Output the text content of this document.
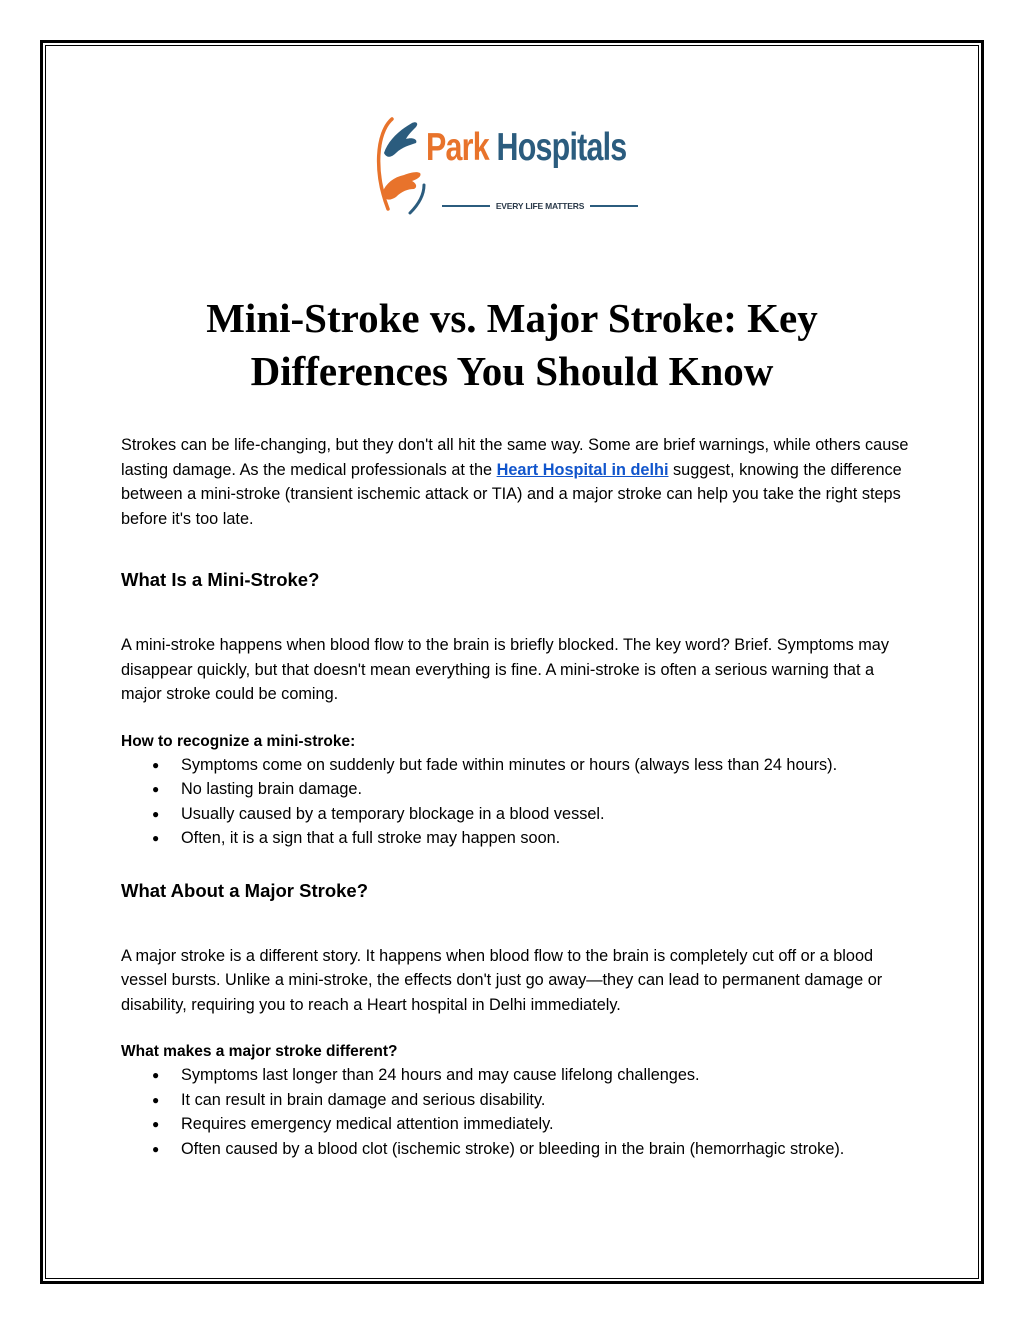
Park Hospitals
EVERY LIFE MATTERS
Mini-Stroke vs. Major Stroke: Key
Differences You Should Know

Strokes can be life-changing, but they don't all hit the same way. Some are brief warnings, while others cause lasting damage. As the medical professionals at the Heart Hospital in delhi suggest, knowing the difference between a mini-stroke (transient ischemic attack or TIA) and a major stroke can help you take the right steps before it's too late.

What Is a Mini-Stroke?

A mini-stroke happens when blood flow to the brain is briefly blocked. The key word? Brief. Symptoms may disappear quickly, but that doesn't mean everything is fine. A mini-stroke is often a serious warning that a major stroke could be coming.

How to recognize a mini-stroke:

● Symptoms come on suddenly but fade within minutes or hours (always less than 24 hours).
● No lasting brain damage.
● Usually caused by a temporary blockage in a blood vessel.
● Often, it is a sign that a full stroke may happen soon.

What About a Major Stroke?

A major stroke is a different story. It happens when blood flow to the brain is completely cut off or a blood vessel bursts. Unlike a mini-stroke, the effects don't just go away—they can lead to permanent damage or disability, requiring you to reach a Heart hospital in Delhi immediately.

What makes a major stroke different?

● Symptoms last longer than 24 hours and may cause lifelong challenges.
● It can result in brain damage and serious disability.
● Requires emergency medical attention immediately.
● Often caused by a blood clot (ischemic stroke) or bleeding in the brain (hemorrhagic stroke).
